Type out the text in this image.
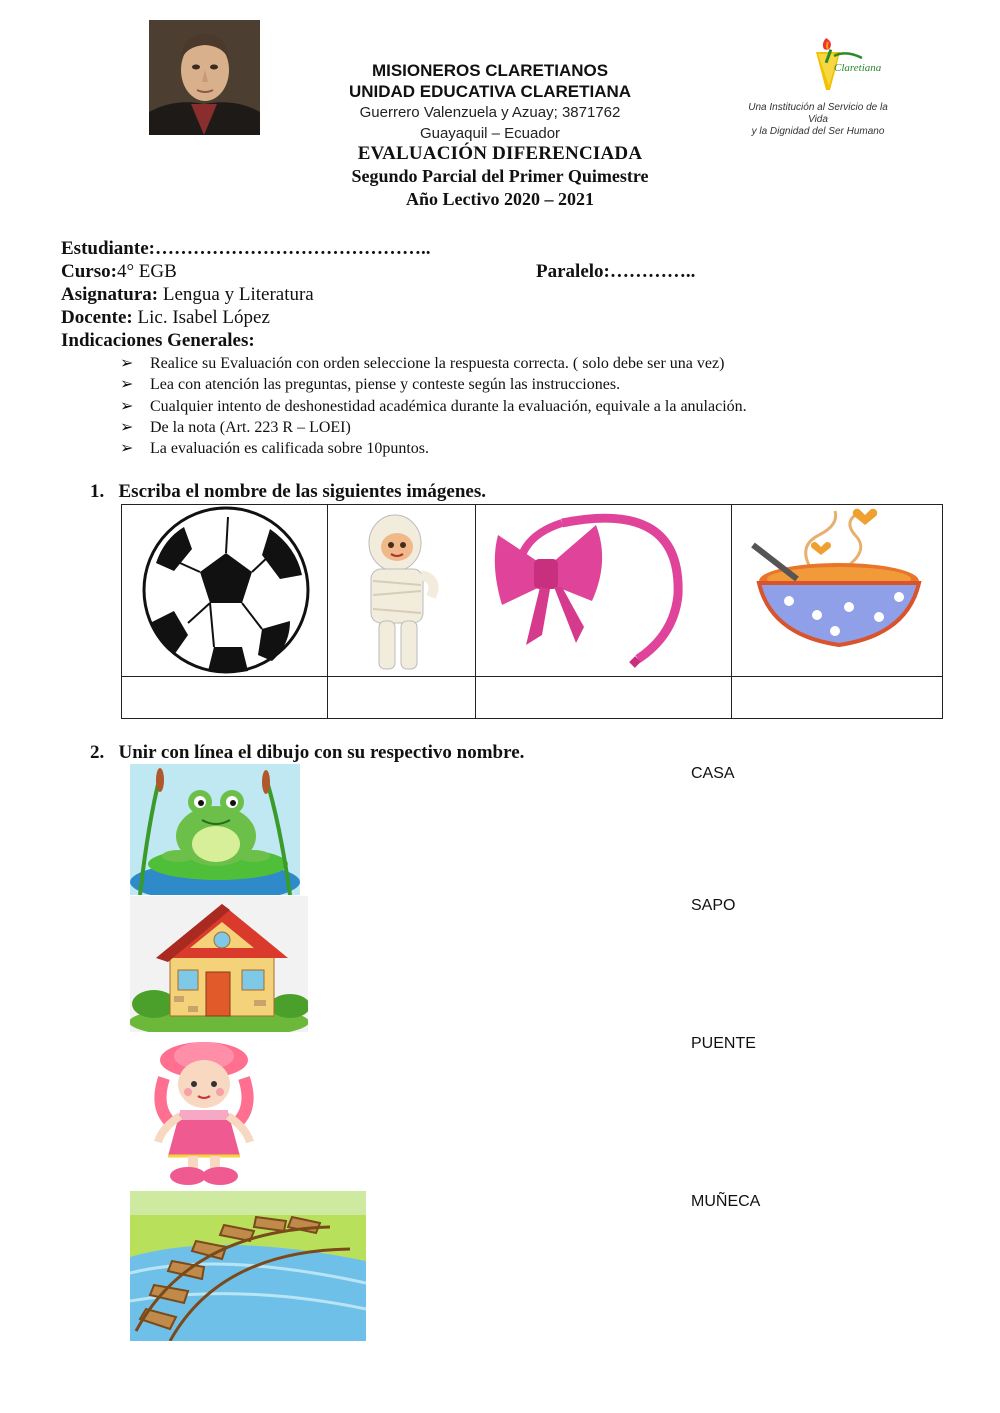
MISIONEROS CLARETIANOS
UNIDAD EDUCATIVA CLARETIANA
Guerrero Valenzuela y Azuay; 3871762
Guayaquil – Ecuador
EVALUACIÓN DIFERENCIADA
Segundo Parcial del Primer Quimestre
Año Lectivo 2020 – 2021
Claretiana
Una Institución al Servicio de la Vida
y la Dignidad del Ser Humano
Estudiante:……………………………………..
Curso:4° EGB	Paralelo:…………..
Asignatura: Lengua y Literatura
Docente: Lic. Isabel López
Indicaciones Generales:
➢	Realice su Evaluación con orden seleccione la respuesta correcta. ( solo debe ser una vez)
➢	Lea con atención las preguntas, piense y conteste según las instrucciones.
➢	Cualquier intento de deshonestidad académica durante la evaluación, equivale a la anulación.
➢	De la nota (Art. 223 R – LOEI)
➢	La evaluación es calificada sobre 10puntos.
1. Escriba el nombre de las siguientes imágenes.
2. Unir con línea el dibujo con su respectivo nombre.
CASA
SAPO
PUENTE
MUÑECA
